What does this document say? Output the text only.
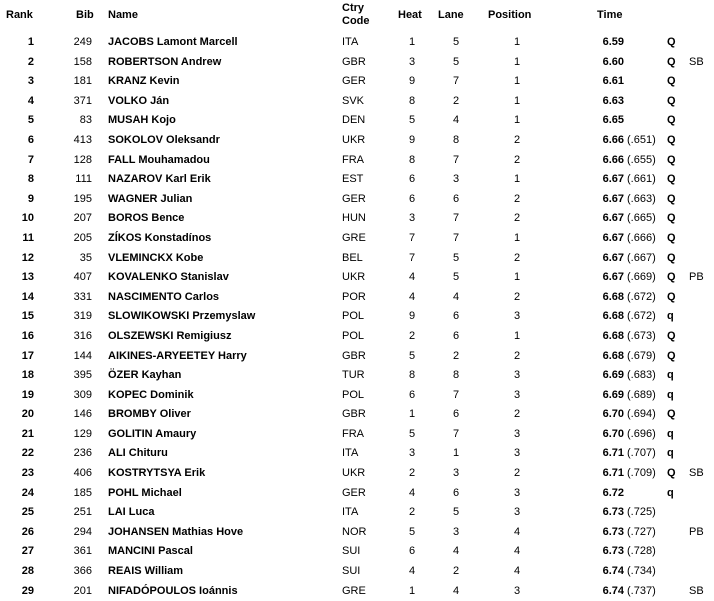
Rank	Bib Name
Ctry
Code	Heat Lane Position	Time
1	249 JACOBS Lamont Marcell	ITA	1	5	1	6.59	Q
2	158 ROBERTSON Andrew	GBR	3	5	1	6.60	Q SB
3	181 KRANZ Kevin	GER	9	7	1	6.61	Q
4	371 VOLKO Ján	SVK	8	2	1	6.63	Q
5	83 MUSAH Kojo	DEN	5	4	1	6.65	Q
6	413 SOKOLOV Oleksandr	UKR	9	8	2	6.66 (.651) Q
7	128 FALL Mouhamadou	FRA	8	7	2	6.66 (.655) Q
8	111 NAZAROV Karl Erik	EST	6	3	1	6.67 (.661) Q
9	195 WAGNER Julian	GER	6	6	2	6.67 (.663) Q
10	207 BOROS Bence	HUN	3	7	2	6.67 (.665) Q
11	205 ZÍKOS Konstadínos	GRE	7	7	1	6.67 (.666) Q
12	35 VLEMINCKX Kobe	BEL	7	5	2	6.67 (.667) Q
13	407 KOVALENKO Stanislav	UKR	4	5	1	6.67 (.669) Q PB
14	331 NASCIMENTO Carlos	POR	4	4	2	6.68 (.672) Q
15	319 SLOWIKOWSKI Przemyslaw	POL	9	6	3	6.68 (.672) q
16	316 OLSZEWSKI Remigiusz	POL	2	6	1	6.68 (.673) Q
17	144 AIKINES-ARYEETEY Harry	GBR	5	2	2	6.68 (.679) Q
18	395 ÖZER Kayhan	TUR	8	8	3	6.69 (.683) q
19	309 KOPEC Dominik	POL	6	7	3	6.69 (.689) q
20	146 BROMBY Oliver	GBR	1	6	2	6.70 (.694) Q
21	129 GOLITIN Amaury	FRA	5	7	3	6.70 (.696) q
22	236 ALI Chituru	ITA	3	1	3	6.71 (.707) q
23	406 KOSTRYTSYA Erik	UKR	2	3	2	6.71 (.709) Q SB
24	185 POHL Michael	GER	4	6	3	6.72	q
25	251 LAI Luca	ITA	2	5	3	6.73 (.725)
26	294 JOHANSEN Mathias Hove	NOR	5	3	4	6.73 (.727)	PB
27	361 MANCINI Pascal	SUI	6	4	4	6.73 (.728)
28	366 REAIS William	SUI	4	2	4	6.74 (.734)
29	201 NIFADÓPOULOS Ioánnis	GRE	1	4	3	6.74 (.737)	SB
